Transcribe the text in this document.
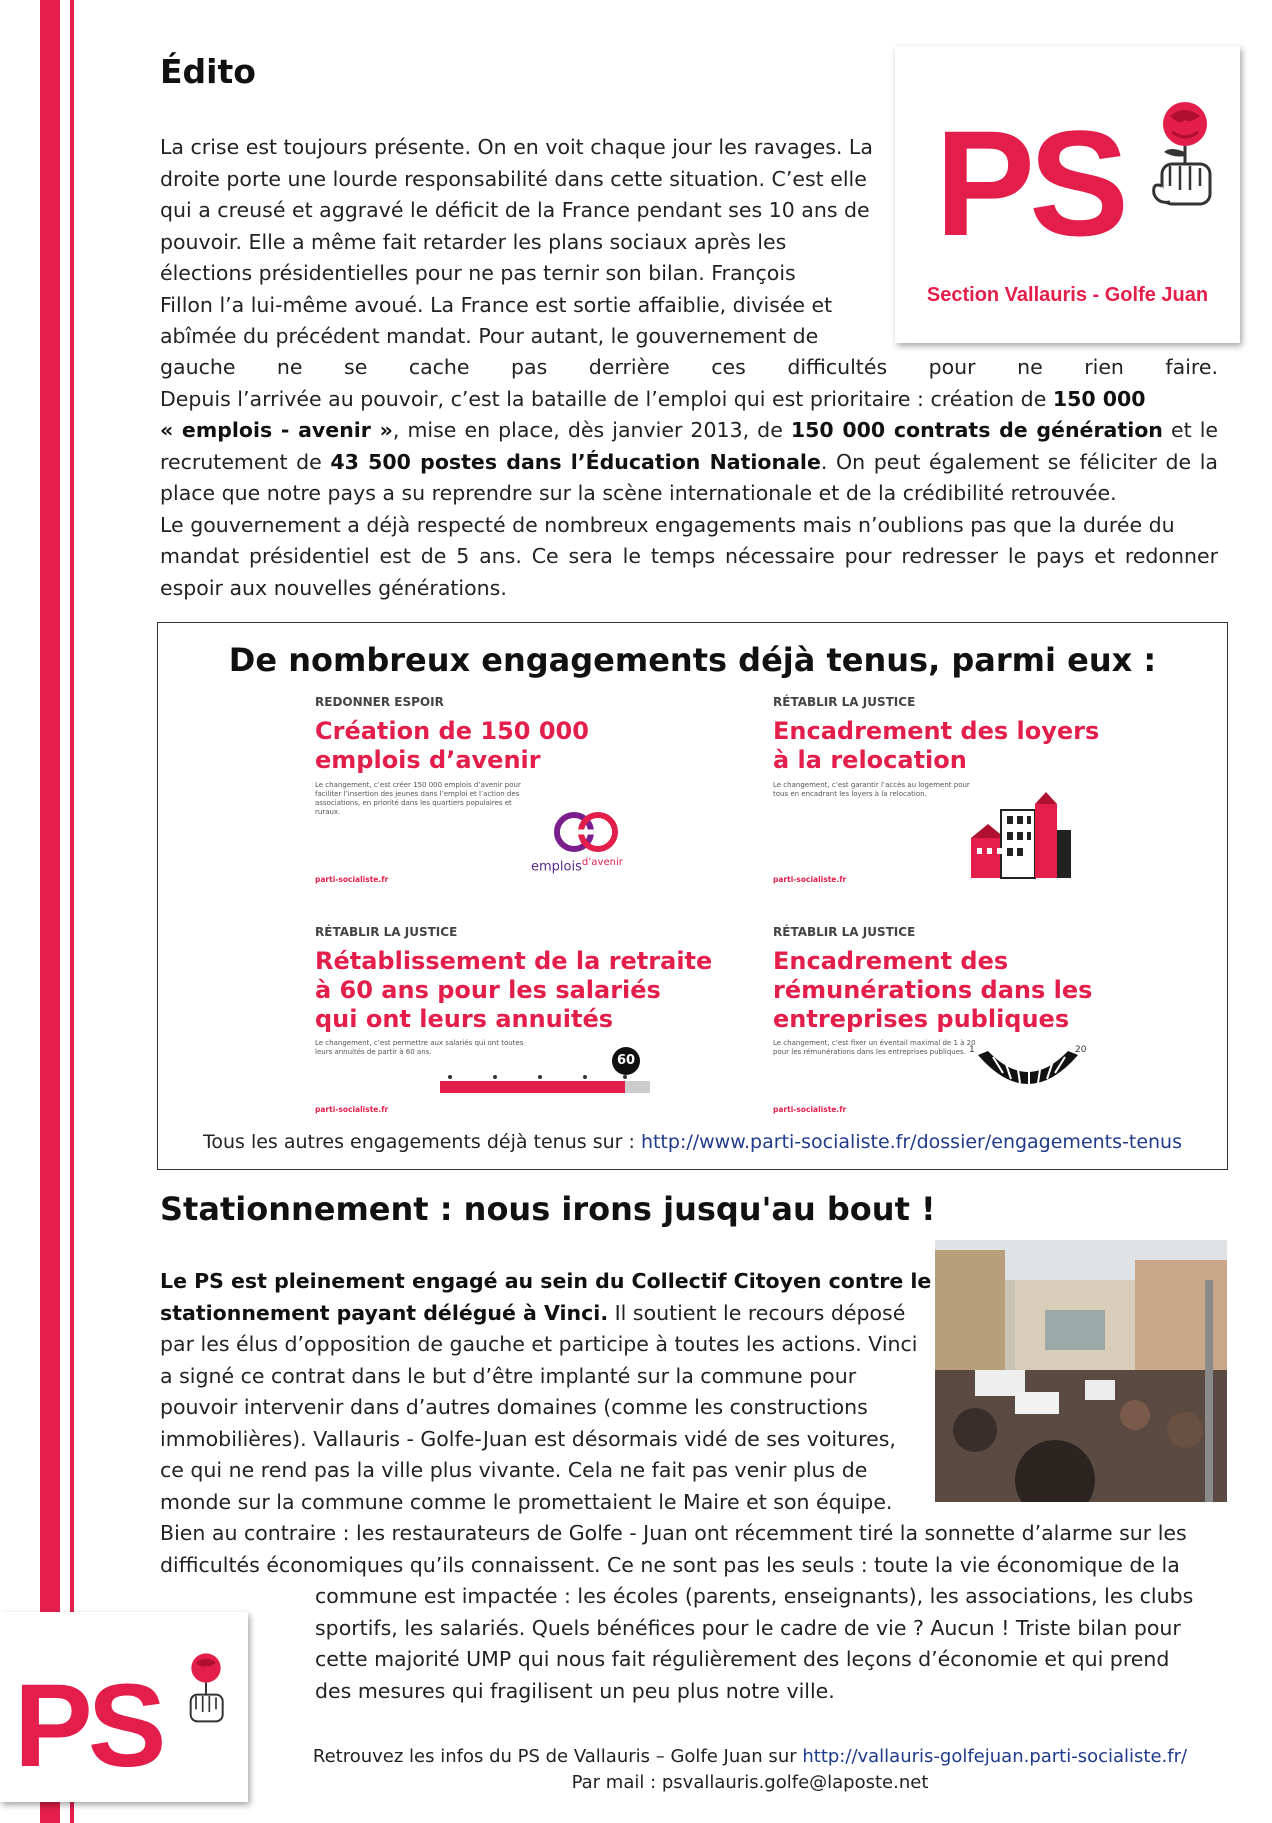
PS
Section Vallauris - Golfe Juan
Édito
La crise est toujours présente. On en voit chaque jour les ravages. La
droite porte une lourde responsabilité dans cette situation. C’est elle
qui a creusé et aggravé le déficit de la France pendant ses 10 ans de
pouvoir. Elle a même fait retarder les plans sociaux après les
élections présidentielles pour ne pas ternir son bilan. François
Fillon l’a lui-même avoué. La France est sortie affaiblie, divisée et
abîmée du précédent mandat. Pour autant, le gouvernement de
gauche ne se cache pas derrière ces difficultés pour ne rien faire.
Depuis l’arrivée au pouvoir, c’est la bataille de l’emploi qui est prioritaire : création de 150 000
« emplois - avenir », mise en place, dès janvier 2013, de 150 000 contrats de génération et le
recrutement de 43 500 postes dans l’Éducation Nationale. On peut également se féliciter de la
place que notre pays a su reprendre sur la scène internationale et de la crédibilité retrouvée.
Le gouvernement a déjà respecté de nombreux engagements mais n’oublions pas que la durée du
mandat présidentiel est de 5 ans. Ce sera le temps nécessaire pour redresser le pays et redonner
espoir aux nouvelles générations.
De nombreux engagements déjà tenus, parmi eux :
REDONNER ESPOIR
Création de 150 000
emplois d’avenir
Le changement, c’est créer 150 000 emplois d’avenir pour faciliter l’insertion des jeunes dans l’emploi et l’action des associations, en priorité dans les quartiers populaires et ruraux.
emplois$^{d’avenir}$
parti-socialiste.fr
RÉTABLIR LA JUSTICE
Encadrement des loyers
à la relocation
Le changement, c’est garantir l’accès au logement pour tous en encadrant les loyers à la relocation.
parti-socialiste.fr
RÉTABLIR LA JUSTICE
Rétablissement de la retraite
à 60 ans pour les salariés
qui ont leurs annuités
Le changement, c’est permettre aux salariés qui ont toutes leurs annuités de partir à 60 ans.
60
parti-socialiste.fr
RÉTABLIR LA JUSTICE
Encadrement des
rémunérations dans les
entreprises publiques
Le changement, c’est fixer un éventail maximal de 1 à 20 pour les rémunérations dans les entreprises publiques. 1	20
parti-socialiste.fr
Tous les autres engagements déjà tenus sur : http://www.parti-socialiste.fr/dossier/engagements-tenus
Stationnement : nous irons jusqu'au bout !
Le PS est pleinement engagé au sein du Collectif Citoyen contre le
stationnement payant délégué à Vinci. Il soutient le recours déposé
par les élus d’opposition de gauche et participe à toutes les actions. Vinci
a signé ce contrat dans le but d’être implanté sur la commune pour
pouvoir intervenir dans d’autres domaines (comme les constructions
immobilières). Vallauris - Golfe-Juan est désormais vidé de ses voitures,
ce qui ne rend pas la ville plus vivante. Cela ne fait pas venir plus de
monde sur la commune comme le promettaient le Maire et son équipe.
Bien au contraire : les restaurateurs de Golfe - Juan ont récemment tiré la sonnette d’alarme sur les
difficultés économiques qu’ils connaissent. Ce ne sont pas les seuls : toute la vie économique de la
commune est impactée : les écoles (parents, enseignants), les associations, les clubs
sportifs, les salariés. Quels bénéfices pour le cadre de vie ? Aucun ! Triste bilan pour
cette majorité UMP qui nous fait régulièrement des leçons d’économie et qui prend
des mesures qui fragilisent un peu plus notre ville.
PS	Retrouvez les infos du PS de Vallauris – Golfe Juan sur http://vallauris-golfejuan.parti-socialiste.fr/
Par mail : psvallauris.golfe@laposte.net
